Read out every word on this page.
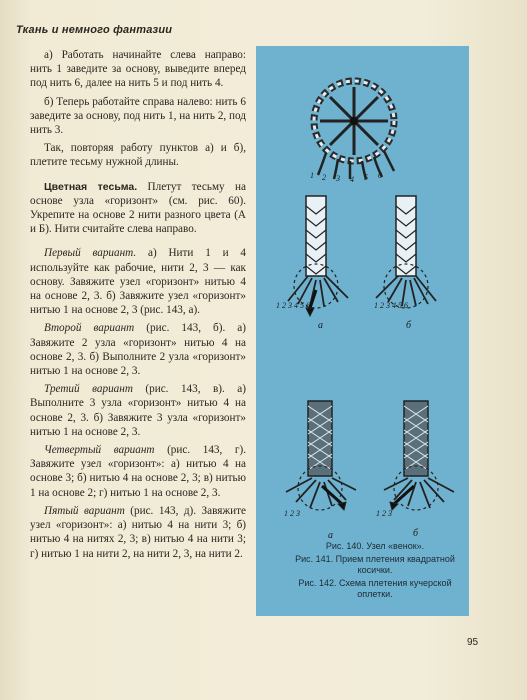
Ткань и немного фантазии

а) Работать начинайте слева направо: нить 1 заведите за основу, выведите вперед под нить 6, далее на нить 5 и под нить 4.

б) Теперь работайте справа налево: нить 6 заведите за основу, под нить 1, на нить 2, под нить 3.

Так, повторяя работу пунктов а) и б), плетите тесьму нужной длины.

Цветная тесьма. Плетут тесьму на основе узла «горизонт» (см. рис. 60). Укрепите на основе 2 нити разного цвета (А и Б). Нити считайте слева направо.

Первый вариант. а) Нити 1 и 4 используйте как рабочие, нити 2, 3 — как основу. Завяжите узел «горизонт» нитью 4 на основе 2, 3. б) Завяжите узел «горизонт» нитью 1 на основе 2, 3 (рис. 143, а).

Второй вариант (рис. 143, б). а) Завяжите 2 узла «горизонт» нитью 4 на основе 2, 3. б) Выполните 2 узла «горизонт» нитью 1 на основе 2, 3.

Третий вариант (рис. 143, в). а) Выполните 3 узла «горизонт» нитью 4 на основе 2, 3. б) Завяжите 3 узла «горизонт» нитью 1 на основе 2, 3.

Четвертый вариант (рис. 143, г). Завяжите узел «горизонт»: а) нитью 4 на основе 3; б) нитью 4 на основе 2, 3; в) нитью 1 на основе 2; г) нитью 1 на основе 2, 3.

Пятый вариант (рис. 143, д). Завяжите узел «горизонт»: а) нитью 4 на нити 3; б) нитью 4 на нитях 2, 3; в) нитью 4 на нити 3; г) нитью 1 на нити 2, на нити 2, 3, на нити 2.

1 2 3 4 5 6
1 2 3 4 5 6	1 2 3 4 5 6
а	б
1 2 3	1 2 3
а	б
Рис. 140. Узел «венок».
Рис. 141. Прием плетения квадратной косички.
Рис. 142. Схема плетения кучерской оплетки.
95
